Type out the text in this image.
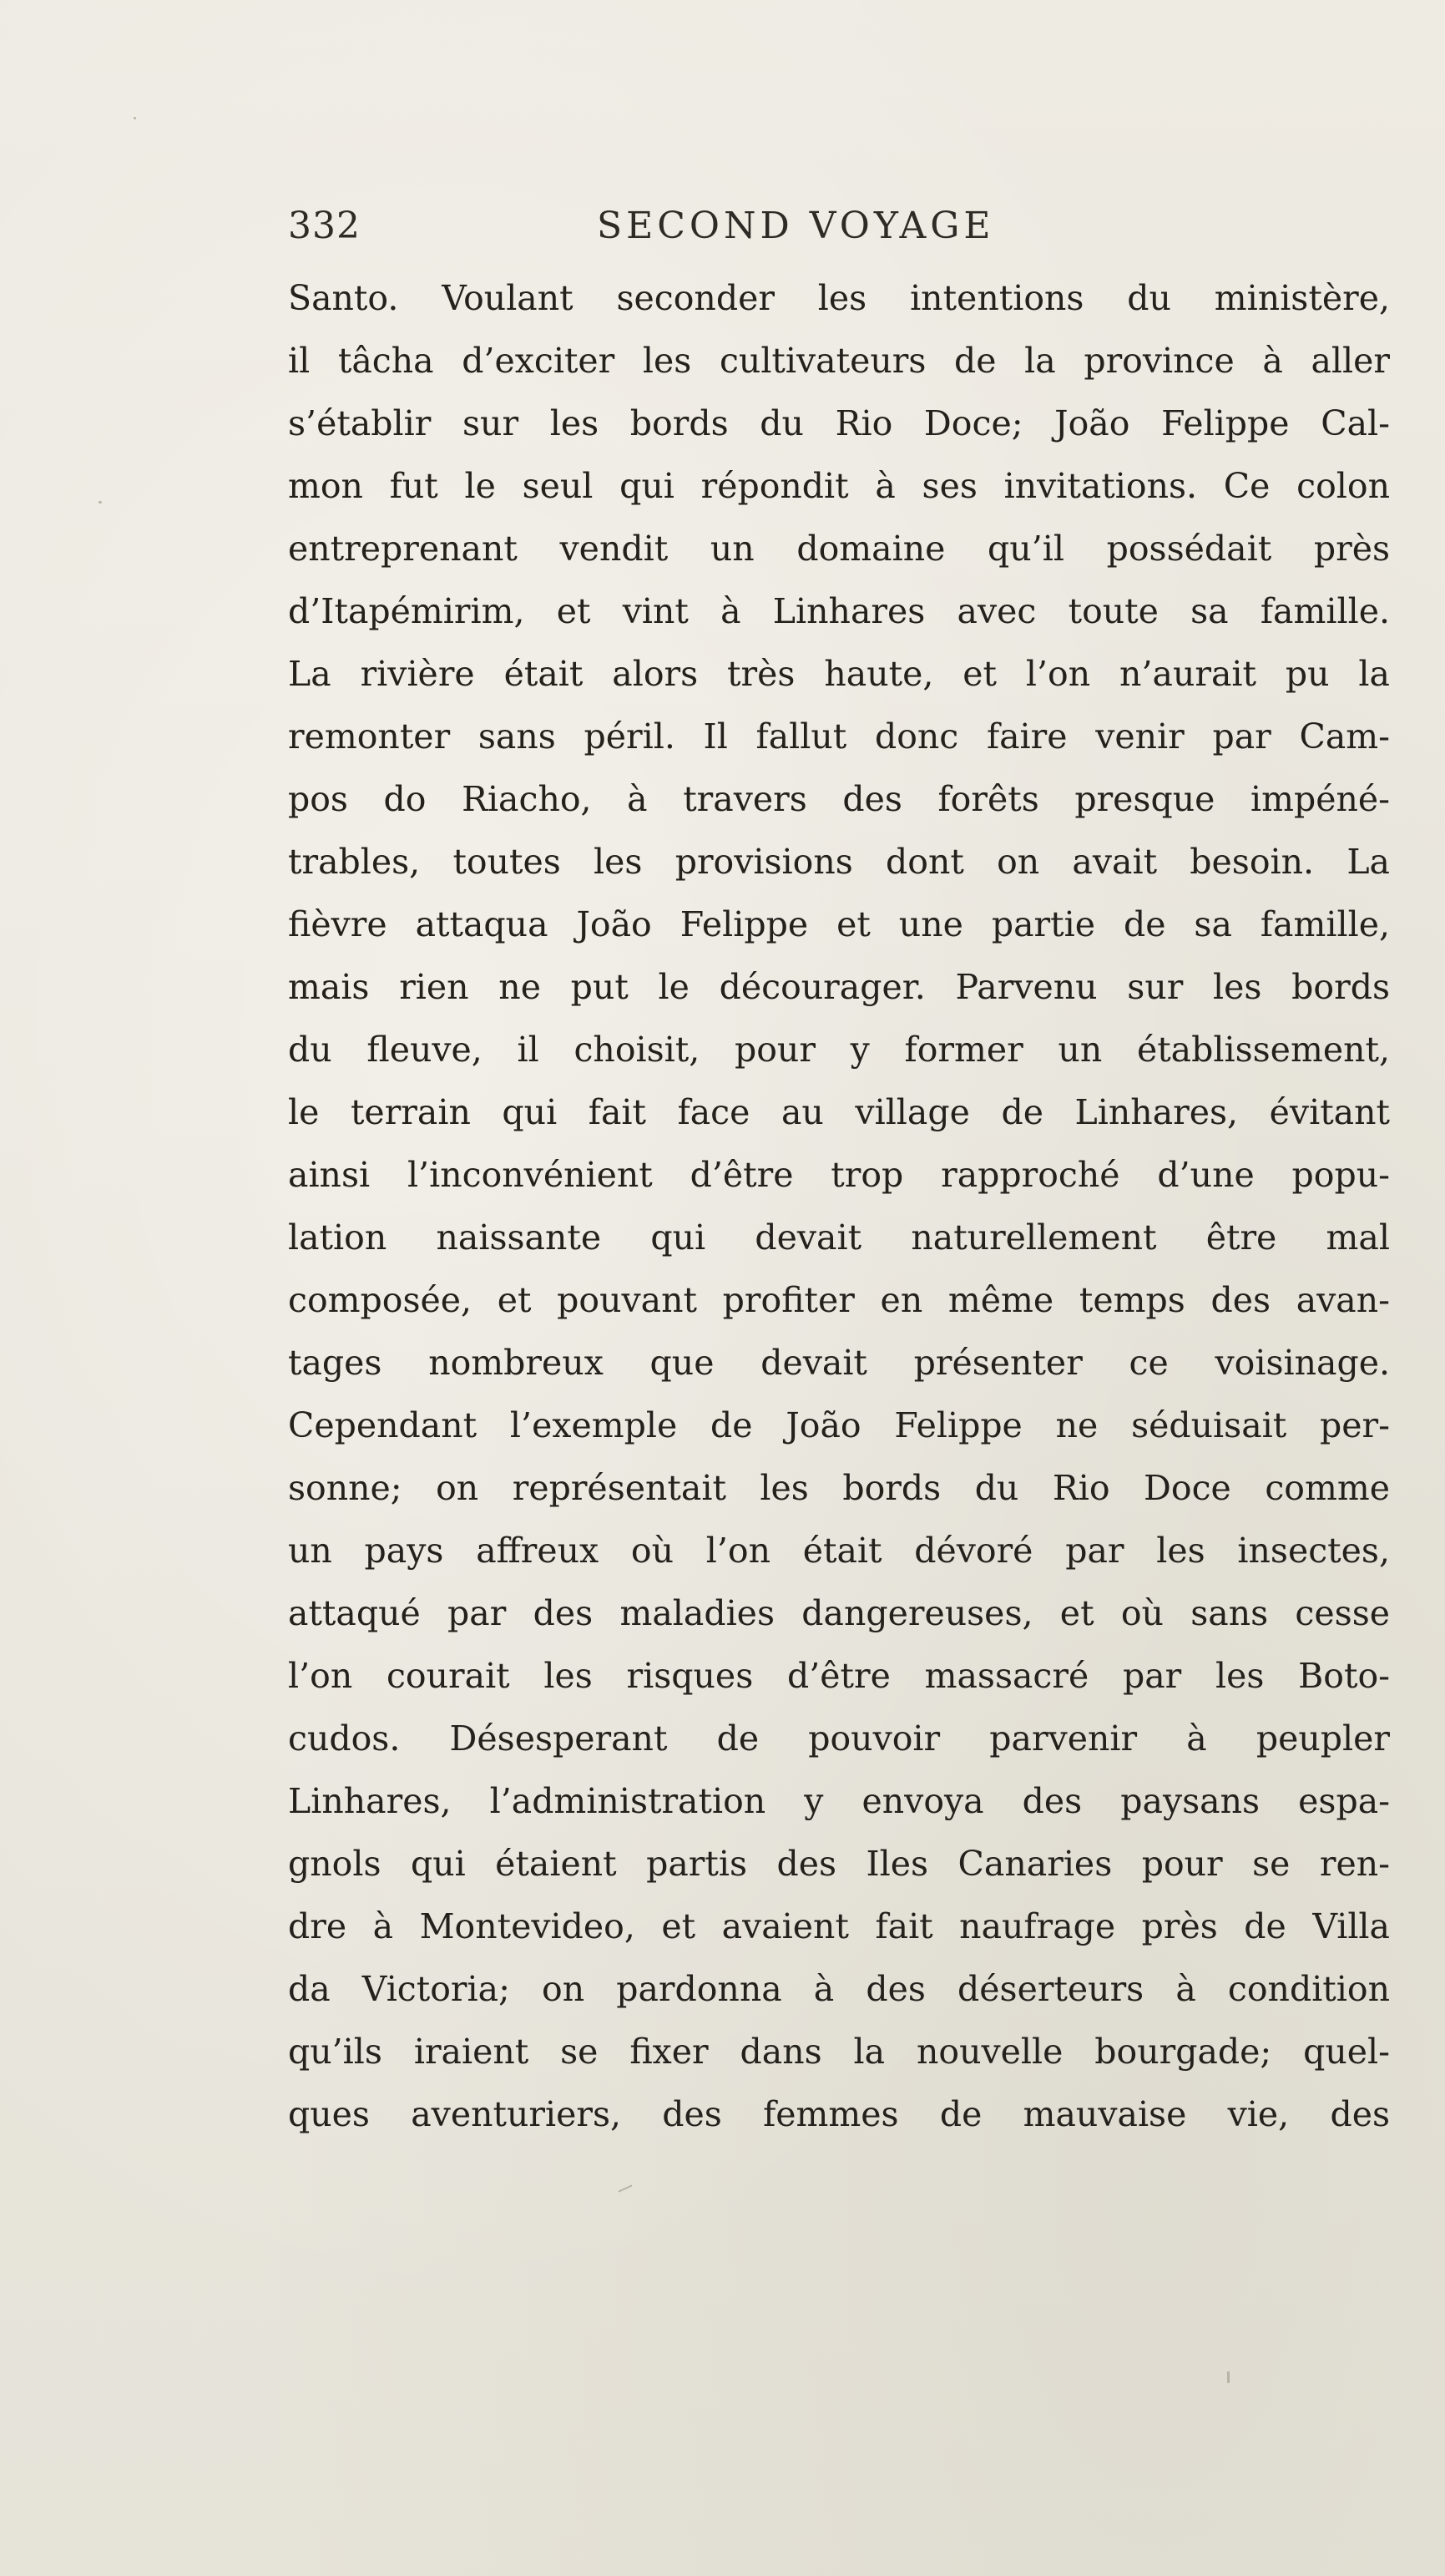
332	SECOND VOYAGE
Santo. Voulant seconder les intentions du ministère,
il tâcha d’exciter les cultivateurs de la province à aller
s’établir sur les bords du Rio Doce; João Felippe Cal-
mon fut le seul qui répondit à ses invitations. Ce colon
entreprenant vendit un domaine qu’il possédait près
d’Itapémirim, et vint à Linhares avec toute sa famille.
La rivière était alors très haute, et l’on n’aurait pu la
remonter sans péril. Il fallut donc faire venir par Cam-
pos do Riacho, à travers des forêts presque impéné-
trables, toutes les provisions dont on avait besoin. La
fièvre attaqua João Felippe et une partie de sa famille,
mais rien ne put le décourager. Parvenu sur les bords
du fleuve, il choisit, pour y former un établissement,
le terrain qui fait face au village de Linhares, évitant
ainsi l’inconvénient d’être trop rapproché d’une popu-
lation naissante qui devait naturellement être mal
composée, et pouvant profiter en même temps des avan-
tages nombreux que devait présenter ce voisinage.
Cependant l’exemple de João Felippe ne séduisait per-
sonne; on représentait les bords du Rio Doce comme
un pays affreux où l’on était dévoré par les insectes,
attaqué par des maladies dangereuses, et où sans cesse
l’on courait les risques d’être massacré par les Boto-
cudos. Désesperant de pouvoir parvenir à peupler
Linhares, l’administration y envoya des paysans espa-
gnols qui étaient partis des Iles Canaries pour se ren-
dre à Montevideo, et avaient fait naufrage près de Villa
da Victoria; on pardonna à des déserteurs à condition
qu’ils iraient se fixer dans la nouvelle bourgade; quel-
ques aventuriers, des femmes de mauvaise vie, des
